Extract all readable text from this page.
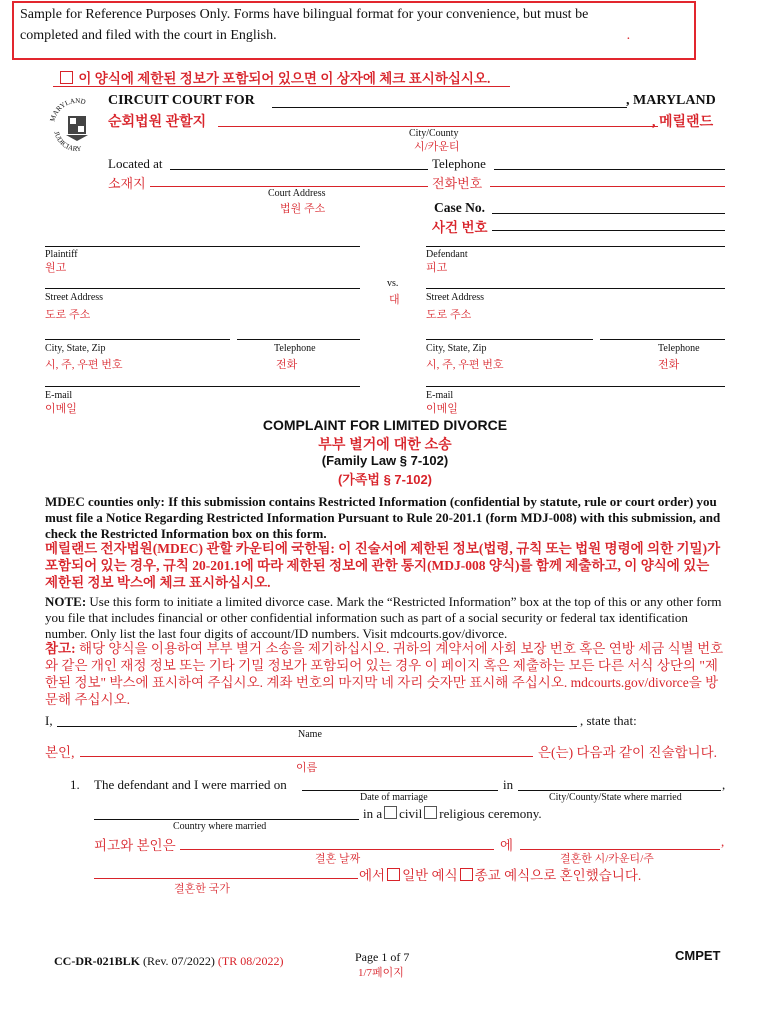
Sample for Reference Purposes Only. Forms have bilingual format for your convenience, but must be
completed and filed with the court in English.	.
이 양식에 제한된 정보가 포함되어 있으면 이 상자에 체크 표시하십시오.
MARYLAND
JUDICIARY
CIRCUIT COURT FOR	, MARYLAND
순회법원 관할지	, 메릴랜드
City/County
시/카운티
Located at
소재지
Court Address
법원 주소
Telephone
전화번호
Case No.
사건 번호
Plaintiff
원고
Street Address
도로 주소
City, State, Zip
시, 주, 우편 번호
Telephone
전화
E-mail
이메일
vs.
대
Defendant
피고
Street Address
도로 주소
City, State, Zip
시, 주, 우편 번호
Telephone
전화
E-mail
이메일
COMPLAINT FOR LIMITED DIVORCE
부부 별거에 대한 소송
(Family Law § 7-102)
(가족법 § 7-102)
MDEC counties only: If this submission contains Restricted Information (confidential by statute, rule or court order) you must file a Notice Regarding Restricted Information Pursuant to Rule 20-201.1 (form MDJ-008) with this submission, and check the Restricted Information box on this form.
메릴랜드 전자법원(MDEC) 관할 카운티에 국한됨: 이 진술서에 제한된 정보(법령, 규칙 또는 법원 명령에 의한 기밀)가 포함되어 있는 경우, 규칙 20-201.1에 따라 제한된 정보에 관한 통지(MDJ-008 양식)를 함께 제출하고, 이 양식에 있는 제한된 정보 박스에 체크 표시하십시오.
NOTE: Use this form to initiate a limited divorce case. Mark the “Restricted Information” box at the top of this or any other form you file that includes financial or other confidential information such as part of a social security or federal tax identification number. Only list the last four digits of account/ID numbers. Visit mdcourts.gov/divorce.
참고: 해당 양식을 이용하여 부부 별거 소송을 제기하십시오. 귀하의 계약서에 사회 보장 번호 혹은 연방 세금 식별 번호와 같은 개인 재정 정보 또는 기타 기밀 정보가 포함되어 있는 경우 이 페이지 혹은 제출하는 모든 다른 서식 상단의 "제한된 정보" 박스에 표시하여 주십시오. 계좌 번호의 마지막 네 자리 숫자만 표시해 주십시오. mdcourts.gov/divorce을 방문해 주십시오.
I,	, state that:
Name
본인,	은(는) 다음과 같이 진술합니다.
이름
1. The defendant and I were married on	in	,
Date of marriage	City/County/State where married
in a civil religious ceremony.
Country where married
피고와 본인은	에	,
결혼 날짜	결혼한 시/카운티/주
에서 일반 예식 종교 예식으로 혼인했습니다.
결혼한 국가
CC-DR-021BLK (Rev. 07/2022) (TR 08/2022)	Page 1 of 7
1/7페이지
CMPET
